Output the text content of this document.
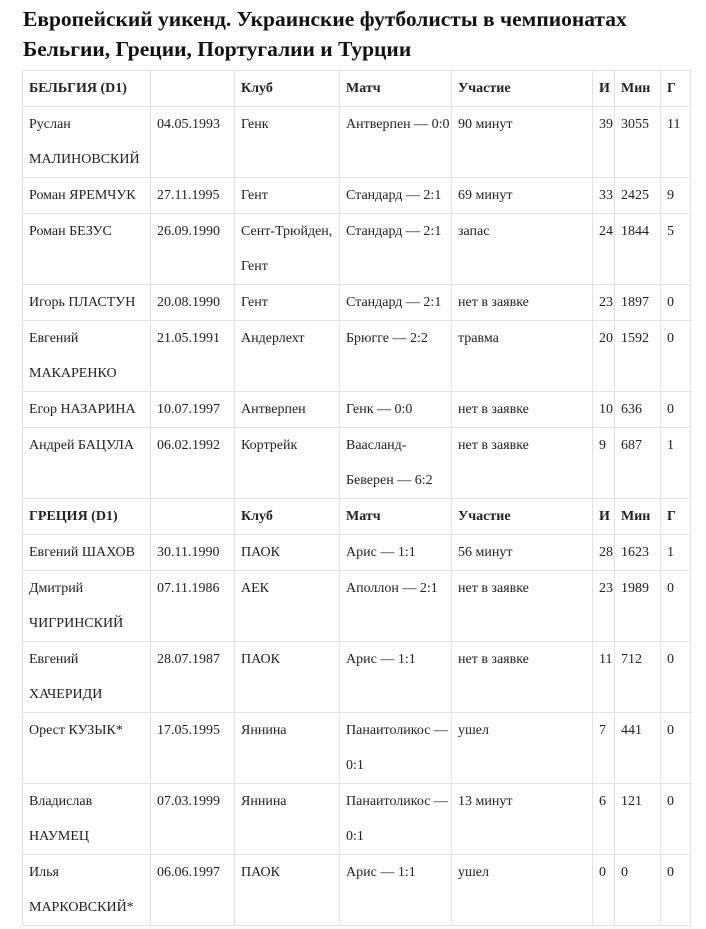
Европейский уикенд. Украинские футболисты в чемпионатах Бельгии, Греции, Португалии и Турции
БЕЛЬГИЯ (D1)		Клуб	Матч	Участие	И	Мин	Г
Руслан МАЛИНОВСКИЙ	04.05.1993	Генк	Антверпен — 0:0	90 минут	39	3055	11
Роман ЯРЕМЧУК	27.11.1995	Гент	Стандард — 2:1	69 минут	33	2425	9
Роман БЕЗУС	26.09.1990	Сент-Трюйден, Гент	Стандард — 2:1	запас	24	1844	5
Игорь ПЛАСТУН	20.08.1990	Гент	Стандард — 2:1	нет в заявке	23	1897	0
Евгений МАКАРЕНКО	21.05.1991	Андерлехт	Брюгге — 2:2	травма	20	1592	0
Егор НАЗАРИНА	10.07.1997	Антверпен	Генк — 0:0	нет в заявке	10	636	0
Андрей БАЦУЛА	06.02.1992	Кортрейк	Ваасланд-Беверен — 6:2	нет в заявке	9	687	1
ГРЕЦИЯ (D1)		Клуб	Матч	Участие	И	Мин	Г
Евгений ШАХОВ	30.11.1990	ПАОК	Арис — 1:1	56 минут	28	1623	1
Дмитрий ЧИГРИНСКИЙ	07.11.1986	АЕК	Аполлон — 2:1	нет в заявке	23	1989	0
Евгений ХАЧЕРИДИ	28.07.1987	ПАОК	Арис — 1:1	нет в заявке	11	712	0
Орест КУЗЫК*	17.05.1995	Яннина	Панаитоликос — 0:1	ушел	7	441	0
Владислав НАУМЕЦ	07.03.1999	Яннина	Панаитоликос — 0:1	13 минут	6	121	0
Илья МАРКОВСКИЙ*	06.06.1997	ПАОК	Арис — 1:1	ушел	0	0	0
